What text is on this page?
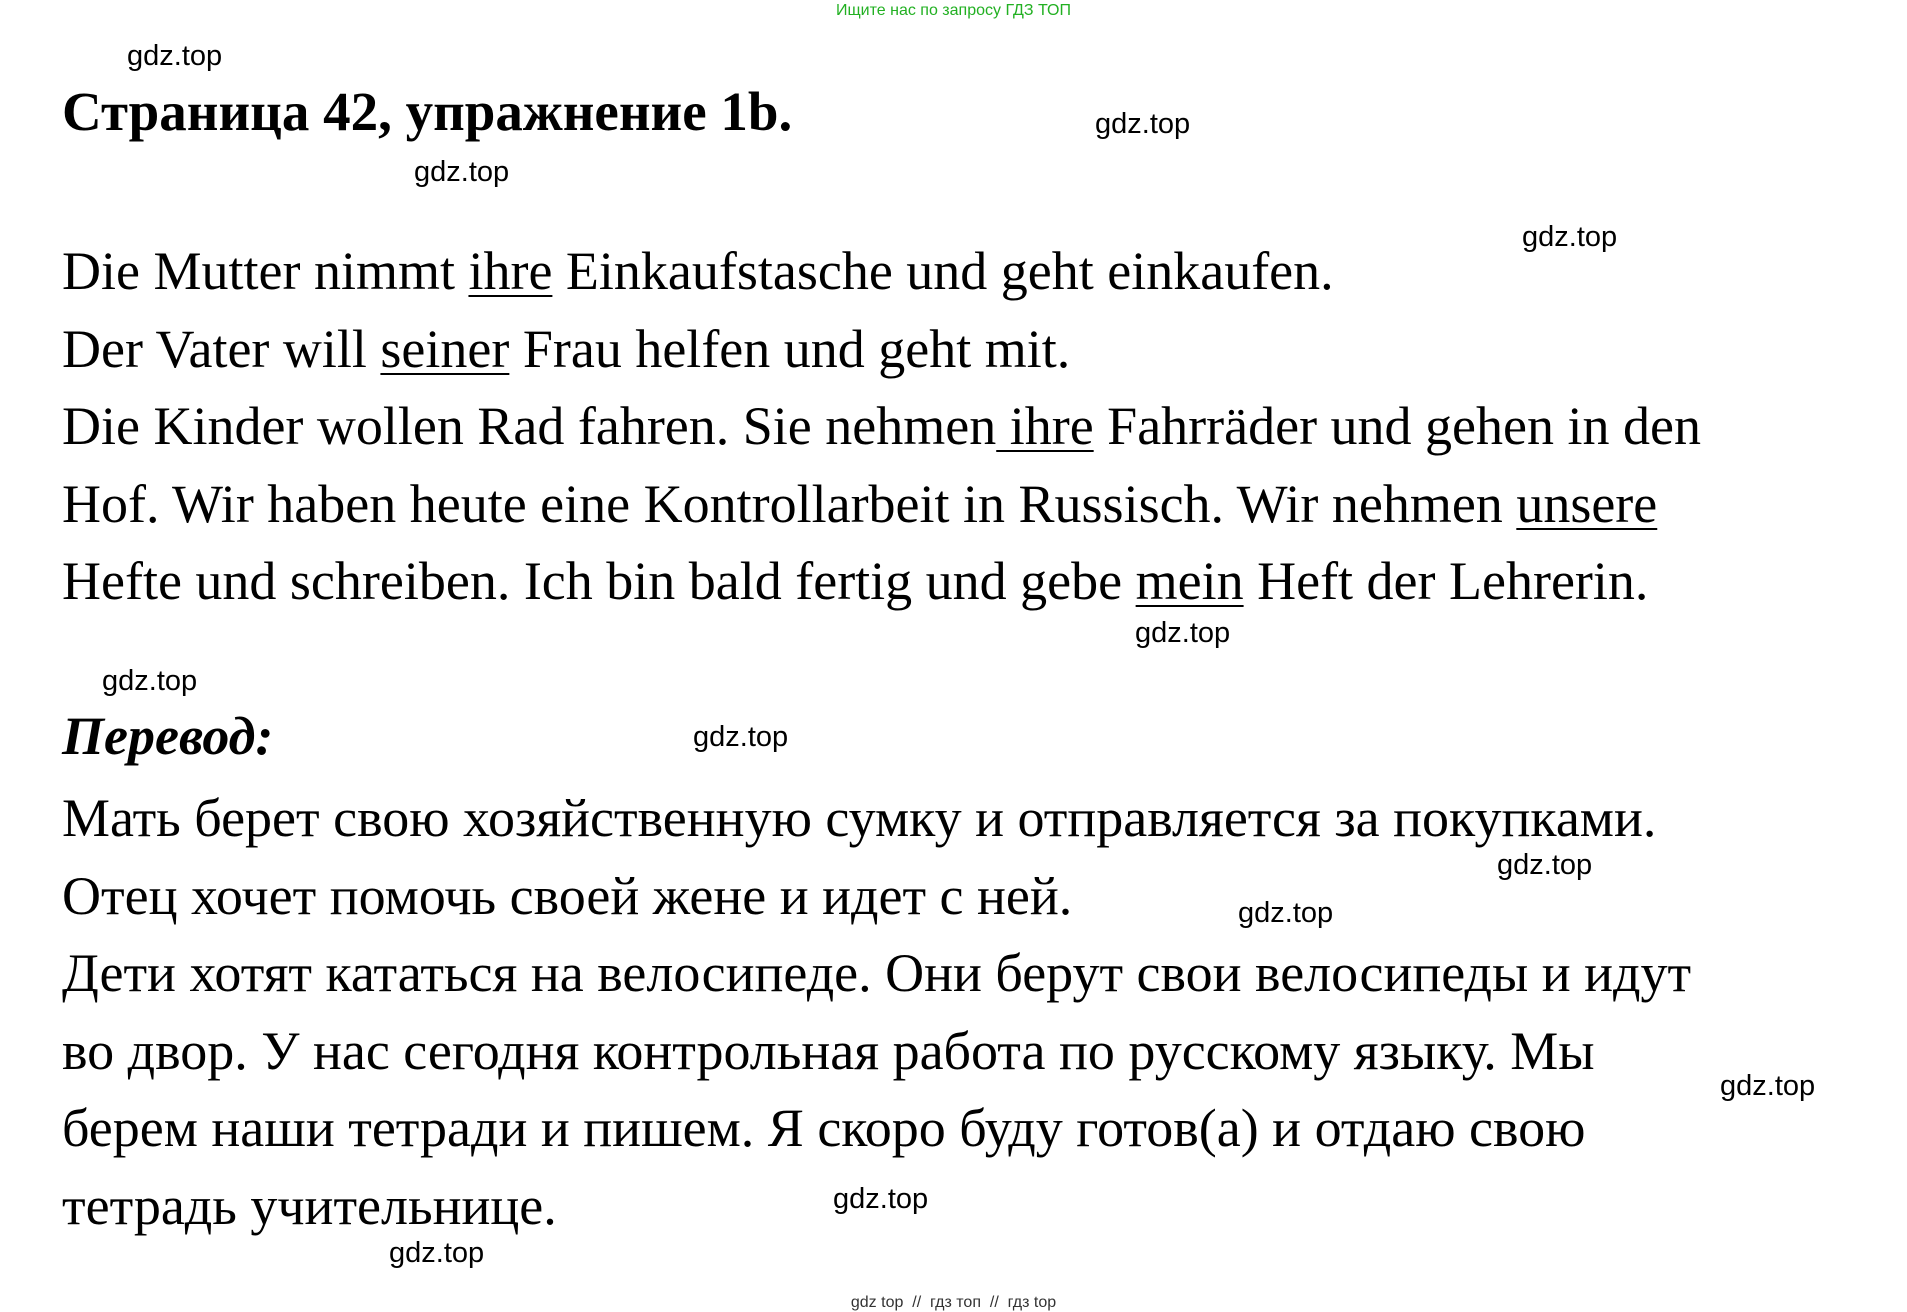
Ищите нас по запросу ГДЗ ТОП
gdz.top
Страница 42, упражнение 1b.	gdz.top
gdz.top
gdz.top
Die Mutter nimmt ihre Einkaufstasche und geht einkaufen.
Der Vater will seiner Frau helfen und geht mit.
Die Kinder wollen Rad fahren. Sie nehmen ihre Fahrräder und gehen in den
Hof. Wir haben heute eine Kontrollarbeit in Russisch. Wir nehmen unsere
Hefte und schreiben. Ich bin bald fertig und gebe mein Heft der Lehrerin.
gdz.top
gdz.top
Перевод:	gdz.top
Мать берет свою хозяйственную сумку и отправляется за покупками.
Отец хочет помочь своей жене и идет с ней.
Дети хотят кататься на велосипеде. Они берут свои велосипеды и идут
во двор. У нас сегодня контрольная работа по русскому языку. Мы
берем наши тетради и пишем. Я скоро буду готов(а) и отдаю свою
тетрадь учительнице.
gdz.top
gdz.top
gdz.top
gdz.top
gdz.top
gdz top  //  гдз топ  //  гдз top
